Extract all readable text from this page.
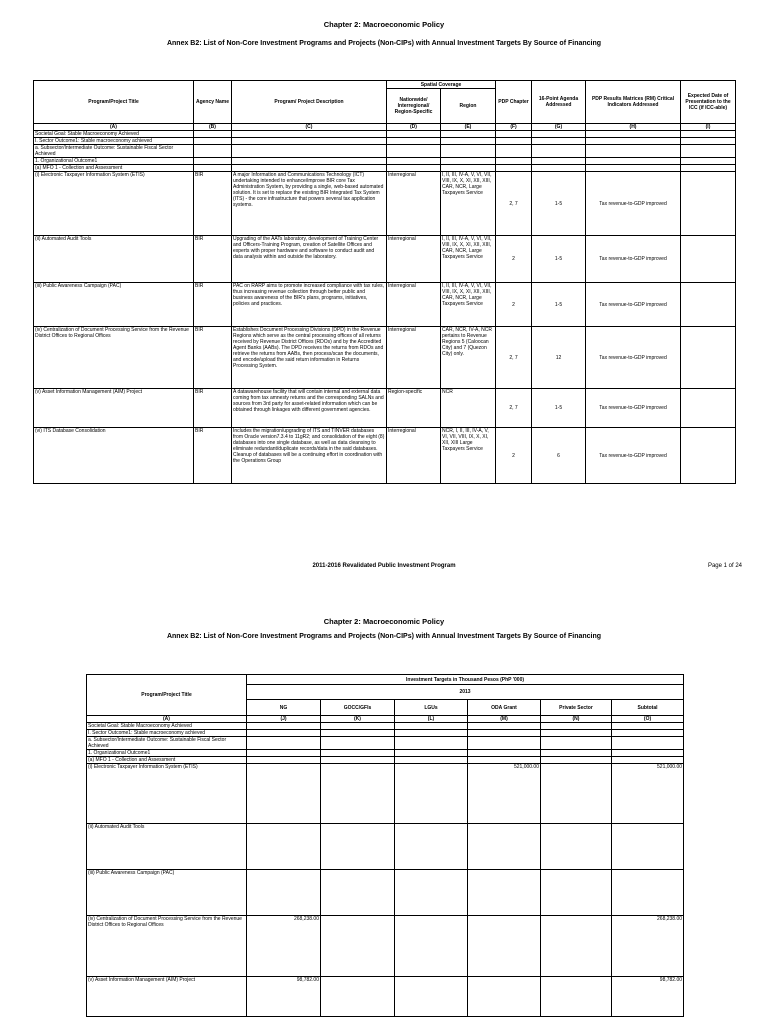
Chapter 2: Macroeconomic Policy
Annex B2: List of Non-Core Investment Programs and Projects (Non-CIPs) with Annual Investment Targets By Source of Financing
Program/Project Title	Agency Name	Program/ Project Description	Spatial Coverage		PDP Chapter	16-Point Agenda Addressed	PDP Results Matrices (RM) Critical Indicators Addressed	Expected Date of Presentation to the ICC (if ICC-able)
			Nationwide/ Interregional/ Region-Specific	Region				
(A)	(B)	(C)	(D)	(E)	(F)	(G)	(H)	(I)
Societal Goal: Stable Macroeconomy Achieved								
I. Sector Outcome1: Stable macroeconomy achieved								
a. Subsector/Intermediate Outcome: Sustainable Fiscal Sector Achieved								
1. Organizational Outcome1								
(a) MFO 1 - Collection and Assessment								
(i) Electronic Taxpayer Information System (ETIS)	BIR	A major Information and Communications Technology (ICT) undertaking intended to enhance/improve BIR core Tax Administration System, by providing a single, web-based automated solution. It is set to replace the existing BIR Integrated Tax System (ITS) - the core infrastructure that powers several tax application systems.	Interregional	I, II, III, IV-A, V, VI, VII, VIII, IX, X, XI, XII, XIII, CAR, NCR, Large Taxpayers Service	2, 7	1-5	Tax revenue-to-GDP improved	
(ii) Automated Audit Tools	BIR	Upgrading of the AATs laboratory, development of Training Center and Officers-Training Program, creation of Satellite Offices and experts with proper hardware and software to conduct audit and data analysis within and outside the laboratory.	Interregional	I, II, III, IV-A, V, VI, VII, VIII, IX, X, XI, XII, XIII, CAR, NCR, Large Taxpayers Service	2	1-5	Tax revenue-to-GDP improved	
(iii) Public Awareness Campaign (PAC)	BIR	PAC on RARP aims to promote increased compliance with tax rules, thus increasing revenue collection through better public and business awareness of the BIR's plans, programs, initiatives, policies and practices.	Interregional	I, II, III, IV-A, V, VI, VII, VIII, IX, X, XI, XII, XIII, CAR, NCR, Large Taxpayers Service	2	1-5	Tax revenue-to-GDP improved	
(iv) Centralization of Document Processing Service from the Revenue District Offices to Regional Offices	BIR	Establishes Document Processing Divisions (DPD) in the Revenue Regions which serve as the central processing offices of all returns received by Revenue District Offices (RDOs) and by the Accredited Agent Banks (AABs). The DPD receives the returns from RDOs and retrieve the returns from AABs, then process/scan the documents, and encode/upload the said return information in Returns Processing System.	Interregional	CAR, NCR, IV-A, NCR pertains to Revenue Regions 5 (Caloocan City) and 7 (Quezon City) only.	2, 7	12	Tax revenue-to-GDP improved	
(v) Asset Information Management (AIM) Project	BIR	A datawarehouse facility that will contain internal and external data coming from tax amnesty returns and the corresponding SALNs and sources from 3rd party for asset-related information which can be obtained through linkages with different government agencies.	Region-specific	NCR	2, 7	1-5	Tax revenue-to-GDP improved	
(vi) ITS Database Consolidation	BIR	Includes the migration/upgrading of ITS and TINVER databases from Oracle version7.3.4 to 11gR2; and consolidation of the eight (8) databases into one single database, as well as data cleansing to eliminate redundant/duplicate records/data in the said databases. Cleanup of databases will be a continuing effort in coordination with the Operations Group	Interregional	NCR, I, II, III, IV-A, V, VI, VII, VIII, IX, X, XI, XII, XIII Large Taxpayers Service	2	6	Tax revenue-to-GDP improved	
2011-2016 Revalidated Public Investment Program	Page 1 of 24
Chapter 2: Macroeconomic Policy
Annex B2: List of Non-Core Investment Programs and Projects (Non-CIPs) with Annual Investment Targets By Source of Financing
Program/Project Title	Investment Targets in Thousand Pesos (PhP '000)					
	2013					
	NG	GOCC/GFIs	LGUs	ODA Grant	Private Sector	Subtotal
(A)	(J)	(K)	(L)	(M)	(N)	(O)
Societal Goal: Stable Macroeconomy Achieved						
I. Sector Outcome1: Stable macroeconomy achieved						
a. Subsector/Intermediate Outcome: Sustainable Fiscal Sector Achieved						
1. Organizational Outcome1						
(a) MFO 1 - Collection and Assessment						
(i) Electronic Taxpayer Information System (ETIS)				521,000.00		521,000.00
(ii) Automated Audit Tools						
(iii) Public Awareness Campaign (PAC)						
(iv) Centralization of Document Processing Service from the Revenue District Offices to Regional Offices	268,238.00					268,238.00
(v) Asset Information Management (AIM) Project	98,782.00					98,782.00
